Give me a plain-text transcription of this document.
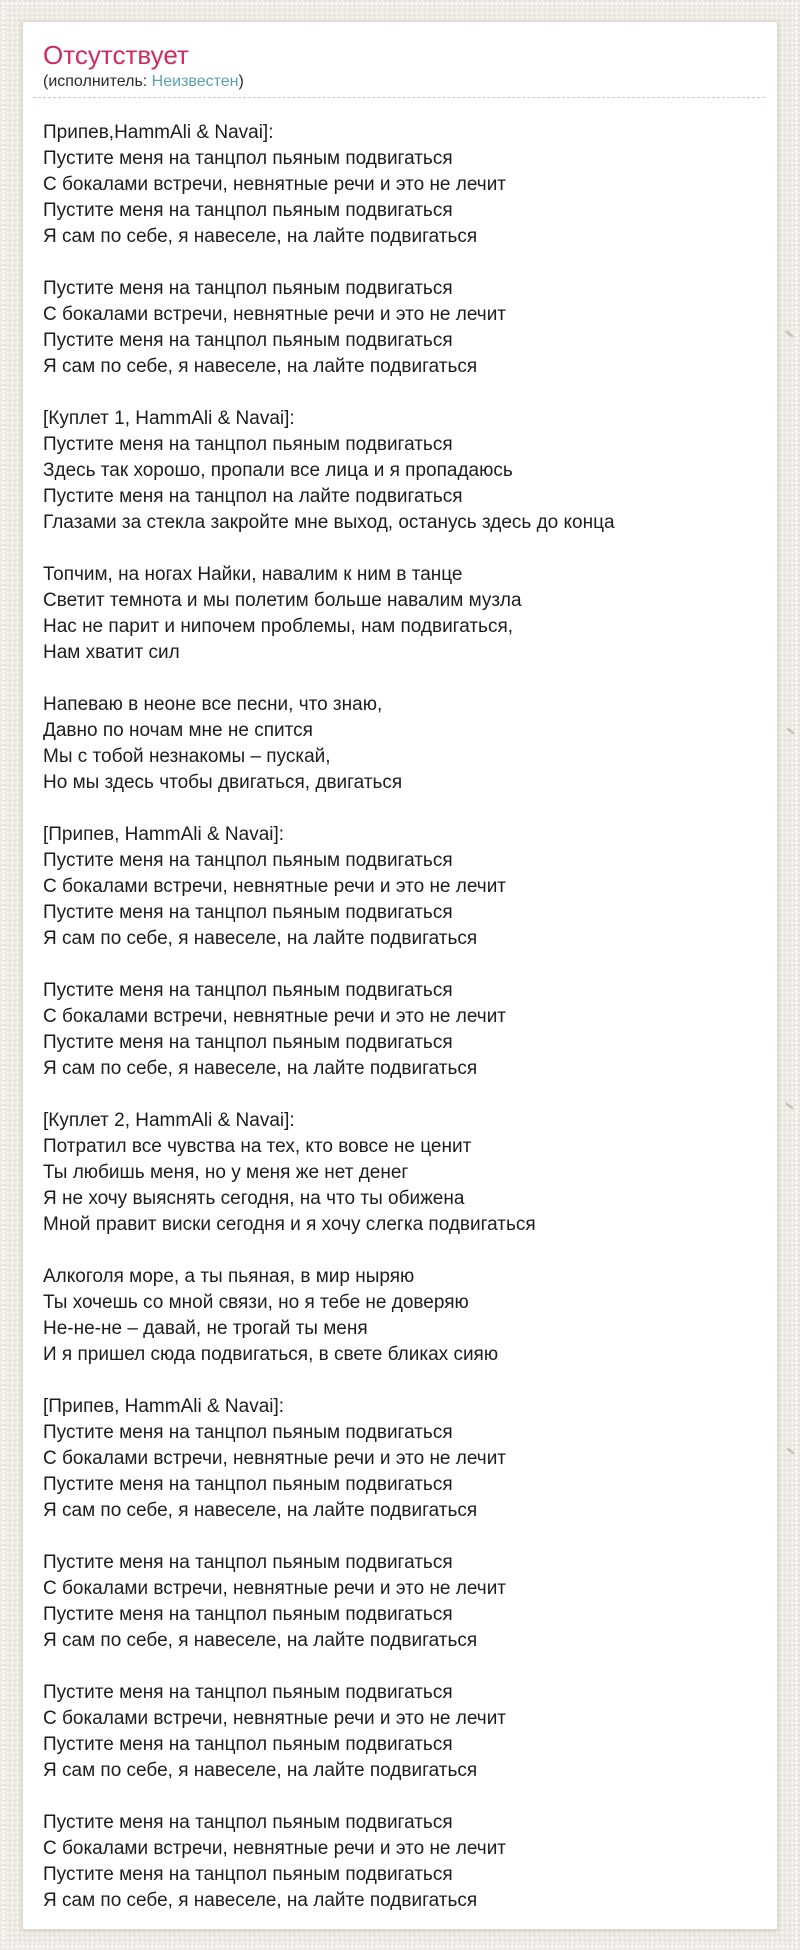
Отсутствует
(исполнитель: Неизвестен)

Припев,HammAli & Navai]:
Пустите меня на танцпол пьяным подвигаться
С бокалами встречи, невнятные речи и это не лечит
Пустите меня на танцпол пьяным подвигаться
Я сам по себе, я навеселе, на лайте подвигаться

Пустите меня на танцпол пьяным подвигаться
С бокалами встречи, невнятные речи и это не лечит
Пустите меня на танцпол пьяным подвигаться
Я сам по себе, я навеселе, на лайте подвигаться

[Куплет 1, HammAli & Navai]:
Пустите меня на танцпол пьяным подвигаться
Здесь так хорошо, пропали все лица и я пропадаюсь
Пустите меня на танцпол на лайте подвигаться
Глазами за стекла закройте мне выход, останусь здесь до конца

Топчим, на ногах Найки, навалим к ним в танце
Светит темнота и мы полетим больше навалим музла
Нас не парит и нипочем проблемы, нам подвигаться,
Нам хватит сил

Напеваю в неоне все песни, что знаю,
Давно по ночам мне не спится
Мы с тобой незнакомы – пускай,
Но мы здесь чтобы двигаться, двигаться

[Припев, HammAli & Navai]:
Пустите меня на танцпол пьяным подвигаться
С бокалами встречи, невнятные речи и это не лечит
Пустите меня на танцпол пьяным подвигаться
Я сам по себе, я навеселе, на лайте подвигаться

Пустите меня на танцпол пьяным подвигаться
С бокалами встречи, невнятные речи и это не лечит
Пустите меня на танцпол пьяным подвигаться
Я сам по себе, я навеселе, на лайте подвигаться

[Куплет 2, HammAli & Navai]:
Потратил все чувства на тех, кто вовсе не ценит
Ты любишь меня, но у меня же нет денег
Я не хочу выяснять сегодня, на что ты обижена
Мной правит виски сегодня и я хочу слегка подвигаться

Алкоголя море, а ты пьяная, в мир ныряю
Ты хочешь со мной связи, но я тебе не доверяю
Не-не-не – давай, не трогай ты меня
И я пришел сюда подвигаться, в свете бликах сияю

[Припев, HammAli & Navai]:
Пустите меня на танцпол пьяным подвигаться
С бокалами встречи, невнятные речи и это не лечит
Пустите меня на танцпол пьяным подвигаться
Я сам по себе, я навеселе, на лайте подвигаться

Пустите меня на танцпол пьяным подвигаться
С бокалами встречи, невнятные речи и это не лечит
Пустите меня на танцпол пьяным подвигаться
Я сам по себе, я навеселе, на лайте подвигаться

Пустите меня на танцпол пьяным подвигаться
С бокалами встречи, невнятные речи и это не лечит
Пустите меня на танцпол пьяным подвигаться
Я сам по себе, я навеселе, на лайте подвигаться

Пустите меня на танцпол пьяным подвигаться
С бокалами встречи, невнятные речи и это не лечит
Пустите меня на танцпол пьяным подвигаться
Я сам по себе, я навеселе, на лайте подвигаться
